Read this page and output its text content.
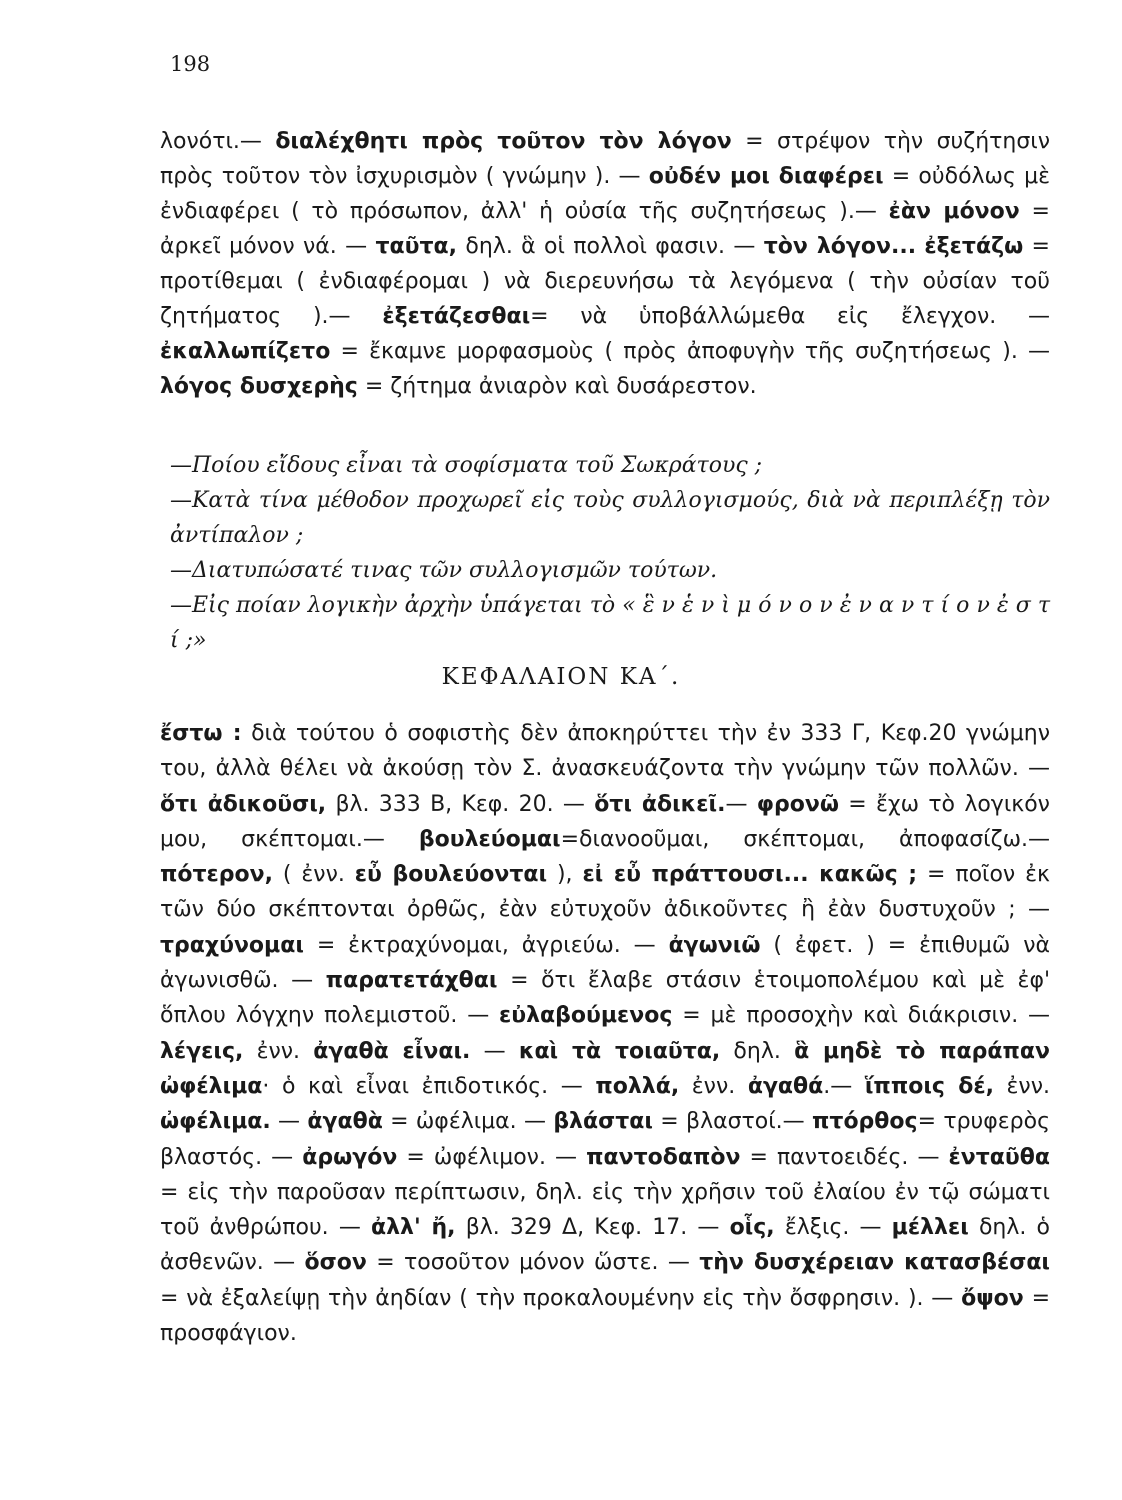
198
λονότι.— διαλέχθητι πρὸς τοῦτον τὸν λόγον = στρέψον τὴν συζήτησιν πρὸς τοῦτον τὸν ἰσχυρισμὸν ( γνώμην ). — οὐδέν μοι διαφέρει = οὐδόλως μὲ ἐνδιαφέρει ( τὸ πρόσωπον, ἀλλ' ἡ οὐσία τῆς συζητήσεως ).— ἐὰν μόνον = ἀρκεῖ μόνον νά. — ταῦτα, δηλ. ἃ οἱ πολλοὶ φασιν. — τὸν λόγον... ἐξετάζω = προτίθεμαι ( ἐνδιαφέρομαι ) νὰ διερευνήσω τὰ λεγόμενα ( τὴν οὐσίαν τοῦ ζητήματος ).— ἐξετάζεσθαι= νὰ ὑποβάλλώμεθα εἰς ἔλεγχον. — ἐκαλλωπίζετο = ἔκαμνε μορφασμοὺς ( πρὸς ἀποφυγὴν τῆς συζητήσεως ). — λόγος δυσχερὴς = ζήτημα ἀνιαρὸν καὶ δυσάρεστον.
—Ποίου εἴδους εἶναι τὰ σοφίσματα τοῦ Σωκράτους ;
—Κατὰ τίνα μέθοδον προχωρεῖ εἰς τοὺς συλλογισμούς, διὰ νὰ περιπλέξῃ τὸν ἀντίπαλον ;
—Διατυπώσατέ τινας τῶν συλλογισμῶν τούτων.
—Εἰς ποίαν λογικὴν ἀρχὴν ὑπάγεται τὸ « ἓ ν ἑ ν ὶ μ ό ν ο ν ἐ ν α ν τ ί ο ν ἐ σ τ ί ;»
ΚΕΦΑΛΑΙΟΝ ΚΑ΄.
ἔστω : διὰ τούτου ὁ σοφιστὴς δὲν ἀποκηρύττει τὴν ἐν 333 Γ, Κεφ.20 γνώμην του, ἀλλὰ θέλει νὰ ἀκούσῃ τὸν Σ. ἀνασκευάζοντα τὴν γνώμην τῶν πολλῶν. — ὅτι ἀδικοῦσι, βλ. 333 Β, Κεφ. 20. — ὅτι ἀδικεῖ.— φρονῶ = ἔχω τὸ λογικόν μου, σκέπτομαι.— βουλεύομαι=διανοοῦμαι, σκέπτομαι, ἀποφασίζω.— πότερον, ( ἐνν. εὖ βουλεύονται ), εἰ εὖ πράττουσι... κακῶς ; = ποῖον ἐκ τῶν δύο σκέπτονται ὀρθῶς, ἐὰν εὐτυχοῦν ἀδικοῦντες ἢ ἐὰν δυστυχοῦν ; — τραχύνομαι = ἐκτραχύνομαι, ἀγριεύω. — ἀγωνιῶ ( ἐφετ. ) = ἐπιθυμῶ νὰ ἀγωνισθῶ. — παρατετάχθαι = ὅτι ἔλαβε στάσιν ἑτοιμοπολέμου καὶ μὲ ἐφ' ὅπλου λόγχην πολεμιστοῦ. — εὐλαβούμενος = μὲ προσοχὴν καὶ διάκρισιν. — λέγεις, ἐνν. ἀγαθὰ εἶναι. — καὶ τὰ τοιαῦτα, δηλ. ἃ μηδὲ τὸ παράπαν ὠφέλιμα· ὁ καὶ εἶναι ἐπιδοτικός. — πολλά, ἐνν. ἀγαθά.— ἵπποις δέ, ἐνν. ὠφέλιμα. — ἀγαθὰ = ὠφέλιμα. — βλάσται = βλαστοί.— πτόρθος= τρυφερὸς βλαστός. — ἀρωγόν = ὠφέλιμον. — παντοδαπὸν = παντοειδές. — ἐνταῦθα = εἰς τὴν παροῦσαν περίπτωσιν, δηλ. εἰς τὴν χρῆσιν τοῦ ἐλαίου ἐν τῷ σώματι τοῦ ἀνθρώπου. — ἀλλ' ἤ, βλ. 329 Δ, Κεφ. 17. — οἷς, ἔλξις. — μέλλει δηλ. ὁ ἀσθενῶν. — ὅσον = τοσοῦτον μόνον ὥστε. — τὴν δυσχέρειαν κατασβέσαι = νὰ ἐξαλείψῃ τὴν ἀηδίαν ( τὴν προκαλουμένην εἰς τὴν ὄσφρησιν. ). — ὄψον = προσφάγιον.
